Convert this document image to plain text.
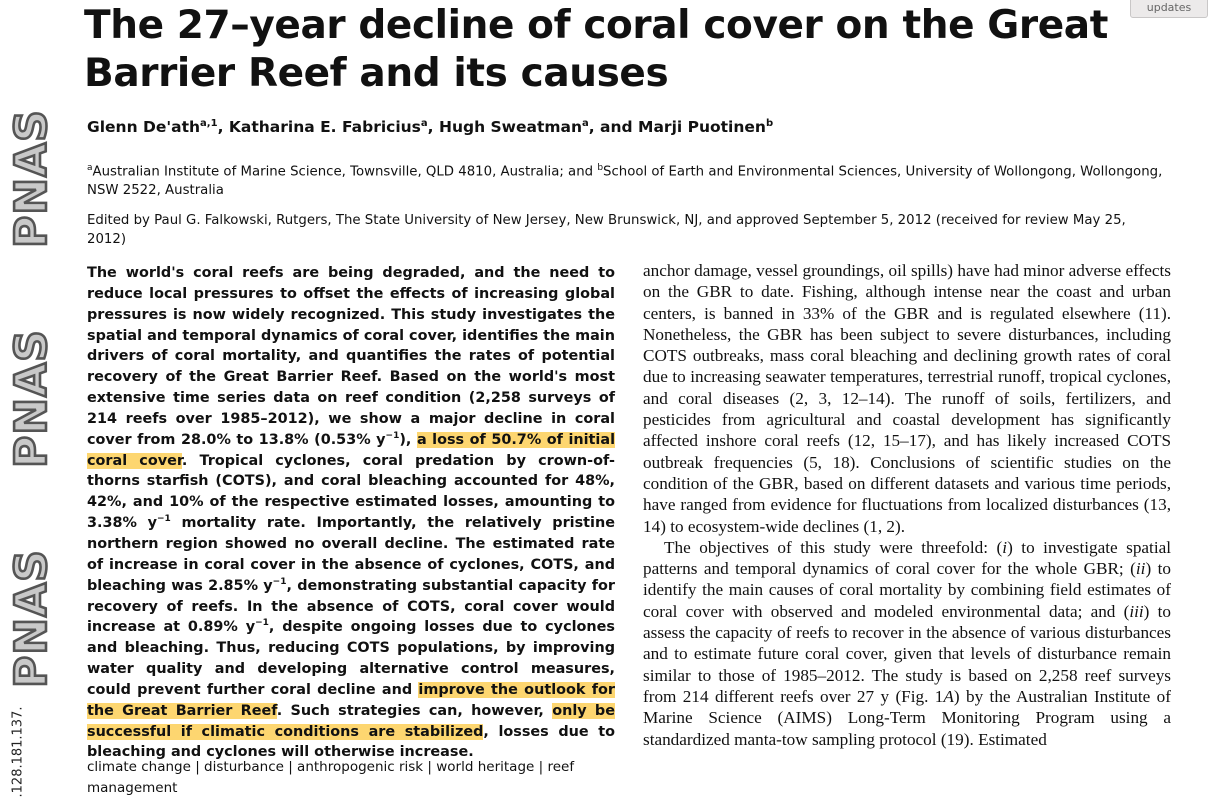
PNAS
PNAS
PNAS
.128.181.137.
updates
The 27–year decline of coral cover on the Great Barrier Reef and its causes
Glenn De'ath$^{a,1}$, Katharina E. Fabricius$^a$, Hugh Sweatman$^a$, and Marji Puotinen$^b$
$^a$Australian Institute of Marine Science, Townsville, QLD 4810, Australia; and $^b$School of Earth and Environmental Sciences, University of Wollongong, Wollongong, NSW 2522, Australia
Edited by Paul G. Falkowski, Rutgers, The State University of New Jersey, New Brunswick, NJ, and approved September 5, 2012 (received for review May 25, 2012)
The world's coral reefs are being degraded, and the need to reduce local pressures to offset the effects of increasing global pressures is now widely recognized. This study investigates the spatial and temporal dynamics of coral cover, identifies the main drivers of coral mortality, and quantifies the rates of potential recovery of the Great Barrier Reef. Based on the world's most extensive time series data on reef condition (2,258 surveys of 214 reefs over 1985–2012), we show a major decline in coral cover from 28.0% to 13.8% (0.53% $y^{-1}$), a loss of 50.7% of initial coral cover. Tropical cyclones, coral predation by crown-of-thorns starfish (COTS), and coral bleaching accounted for 48%, 42%, and 10% of the respective estimated losses, amounting to 3.38% $y^{-1}$ mortality rate. Importantly, the relatively pristine northern region showed no overall decline. The estimated rate of increase in coral cover in the absence of cyclones, COTS, and bleaching was 2.85% $y^{-1}$, demonstrating substantial capacity for recovery of reefs. In the absence of COTS, coral cover would increase at 0.89% $y^{-1}$, despite ongoing losses due to cyclones and bleaching. Thus, reducing COTS populations, by improving water quality and developing alternative control measures, could prevent further coral decline and improve the outlook for the Great Barrier Reef. Such strategies can, however, only be successful if climatic conditions are stabilized, losses due to bleaching and cyclones will otherwise increase.
climate change | disturbance | anthropogenic risk | world heritage | reef management

anchor damage, vessel groundings, oil spills) have had minor adverse effects on the GBR to date. Fishing, although intense near the coast and urban centers, is banned in 33% of the GBR and is regulated elsewhere (11). Nonetheless, the GBR has been subject to severe disturbances, including COTS outbreaks, mass coral bleaching and declining growth rates of coral due to increasing seawater temperatures, terrestrial runoff, tropical cyclones, and coral diseases (2, 3, 12–14). The runoff of soils, fertilizers, and pesticides from agricultural and coastal development has significantly affected inshore coral reefs (12, 15–17), and has likely increased COTS outbreak frequencies (5, 18). Conclusions of scientific studies on the condition of the GBR, based on different datasets and various time periods, have ranged from evidence for fluctuations from localized disturbances (13, 14) to ecosystem-wide declines (1, 2).

The objectives of this study were threefold: (i) to investigate spatial patterns and temporal dynamics of coral cover for the whole GBR; (ii) to identify the main causes of coral mortality by combining field estimates of coral cover with observed and modeled environmental data; and (iii) to assess the capacity of reefs to recover in the absence of various disturbances and to estimate future coral cover, given that levels of disturbance remain similar to those of 1985–2012. The study is based on 2,258 reef surveys from 214 different reefs over 27 y (Fig. 1A) by the Australian Institute of Marine Science (AIMS) Long-Term Monitoring Program using a standardized manta-tow sampling protocol (19). Estimated
